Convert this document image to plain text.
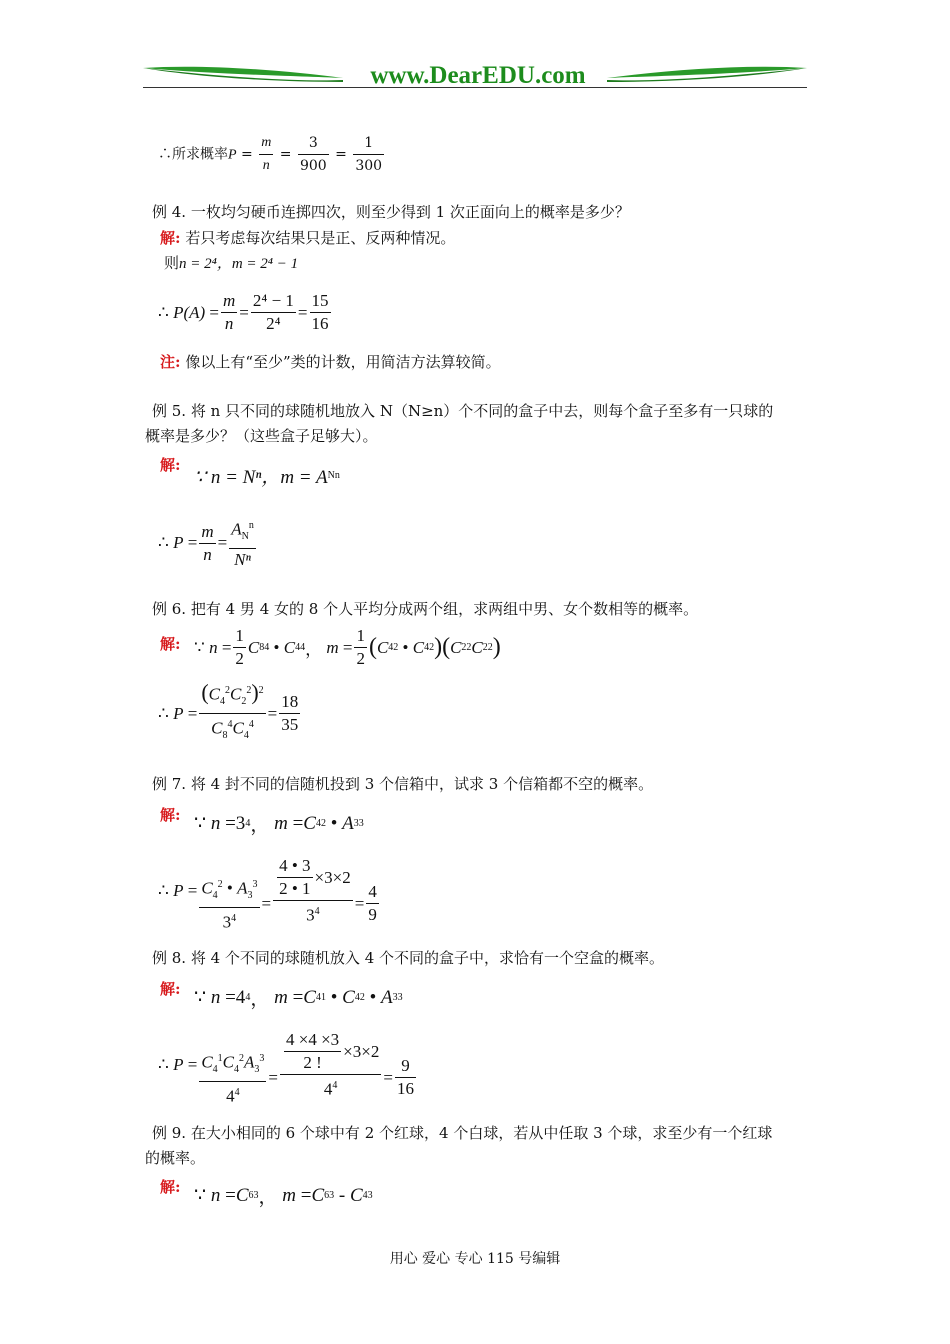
www.DearEDU.com
∴所求概率$P = \frac{m}{n} = \frac{3}{900} = \frac{1}{300}$
例 4. 一枚均匀硬币连掷四次，则至少得到 1 次正面向上的概率是多少？
解: 若只考虑每次结果只是正、反两种情况。
则n = 2⁴，m = 2⁴ − 1
∴ $P(A) = \frac{m}{n} = \frac{\text{2⁴ − 1}}{\text{2⁴}} = \frac{15}{16}$
注: 像以上有“至少”类的计数，用简洁方法算较简。
例 5. 将 n 只不同的球随机地放入 N（N≥n）个不同的盒子中去，则每个盒子至多有一只球的
概率是多少？（这些盒子足够大）。
解:
∵ n = Nⁿ，m = A N n
∴ $P = \frac{m}{n} = \frac{A_N^n}{\text{Nⁿ}}$
例 6. 把有 4 男 4 女的 8 个人平均分成两个组，求两组中男、女个数相等的概率。
解: ∵ $n = \frac{1}{2}$ C 8 4 • C 4 4 ， $m = \frac{1}{2}$ ( C 4 2 • C 4 2 )( C 2 2 C 2 2 )
∴ $P = \frac{(C_4^2C_2^2)^2}{C_8^4C_4^4} = \frac{18}{35}$
例 7. 将 4 封不同的信随机投到 3 个信箱中，试求 3 个信箱都不空的概率。
解: ∵ n =3 4 ， m = C 4 2 • A 3 3
∴ $P = \frac{C_4^2 • A_3^3}{3^4} = \frac{\frac{4 • 3}{2 • 1} \times 3\times 2}{3^4} = \frac{4}{9}$
例 8. 将 4 个不同的球随机放入 4 个不同的盒子中，求恰有一个空盒的概率。
解: ∵ n =4 4 ， m = C 4 1 • C 4 2 • A 3 3
∴ $P = \frac{C_4^1C_4^2A_3^3}{4^4} = \frac{\frac{4 \times 4 \times 3}{2 !} \times 3\times 2}{4^4} = \frac{9}{16}$
例 9. 在大小相同的 6 个球中有 2 个红球，4 个白球，若从中任取 3 个球，求至少有一个红球
的概率。
解: ∵ n = C 6 3 ， m = C 6 3 - C 4 3
用心 爱心 专心 115 号编辑
